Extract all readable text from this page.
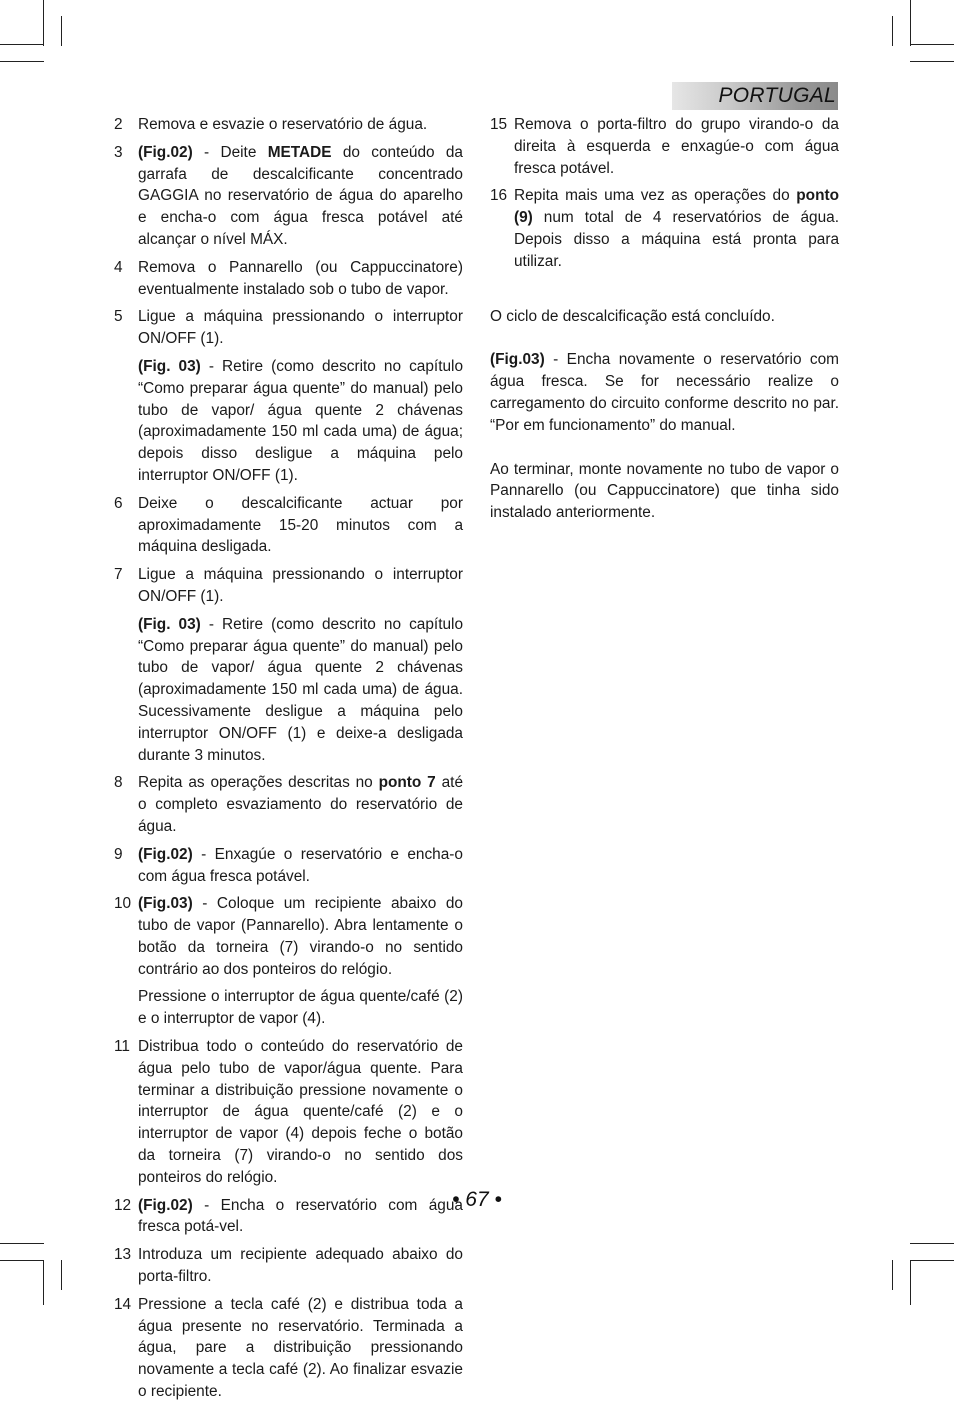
PORTUGAL
2	Remova e esvazie o reservatório de água.

3	(Fig.02) - Deite METADE do conteúdo da garrafa de descalcificante concentrado GAGGIA no reservatório de água do aparelho e encha-o com água fresca potável até alcançar o nível MÁX.

4	Remova o Pannarello (ou Cappuccinatore) eventualmente instalado sob o tubo de vapor.

5	Ligue a máquina pressionando o interruptor ON/OFF (1).

(Fig. 03) - Retire (como descrito no capítulo “Como preparar água quente” do manual) pelo tubo de vapor/ água quente 2 chávenas (aproximadamente 150 ml cada uma) de água; depois disso desligue a máquina pelo interruptor ON/OFF (1).

6	Deixe o descalcificante actuar por aproximadamente 15-20 minutos com a máquina desligada.

7	Ligue a máquina pressionando o interruptor ON/OFF (1).

(Fig. 03) - Retire (como descrito no capítulo “Como preparar água quente” do manual) pelo tubo de vapor/ água quente 2 chávenas (aproximadamente 150 ml cada uma) de água. Sucessivamente desligue a máquina pelo interruptor ON/OFF (1) e deixe-a desligada durante 3 minutos.

8	Repita as operações descritas no ponto 7 até o completo esvaziamento do reservatório de água.

9	(Fig.02) - Enxagúe o reservatório e encha-o com água fresca potável.

10 (Fig.03) - Coloque um recipiente abaixo do tubo de vapor (Pannarello). Abra lentamente o botão da torneira (7) virando-o no sentido contrário ao dos ponteiros do relógio.

Pressione o interruptor de água quente/café (2) e o interruptor de vapor (4).

11 Distribua todo o conteúdo do reservatório de água pelo tubo de vapor/água quente. Para terminar a distribuição pressione novamente o interruptor de água quente/café (2) e o interruptor de vapor (4) depois feche o botão da torneira (7) virando-o no sentido dos ponteiros do relógio.

12 (Fig.02) - Encha o reservatório com água fresca potá-vel.

13 Introduza um recipiente adequado abaixo do porta-filtro.

14 Pressione a tecla café (2) e distribua toda a água presente no reservatório. Terminada a água, pare a distribuição pressionando novamente a tecla café (2). Ao finalizar esvazie o recipiente.

15 Remova o porta-filtro do grupo virando-o da direita à esquerda e enxagúe-o com água fresca potável.

16 Repita mais uma vez as operações do ponto (9) num total de 4 reservatórios de água. Depois disso a máquina está pronta para utilizar.

O ciclo de descalcificação está concluído.

(Fig.03) - Encha novamente o reservatório com água fresca. Se for necessário realize o carregamento do circuito conforme descrito no par. “Por em funcionamento” do manual.

Ao terminar, monte novamente no tubo de vapor o Pannarello (ou Cappuccinatore) que tinha sido instalado anteriormente.

• 67 •
